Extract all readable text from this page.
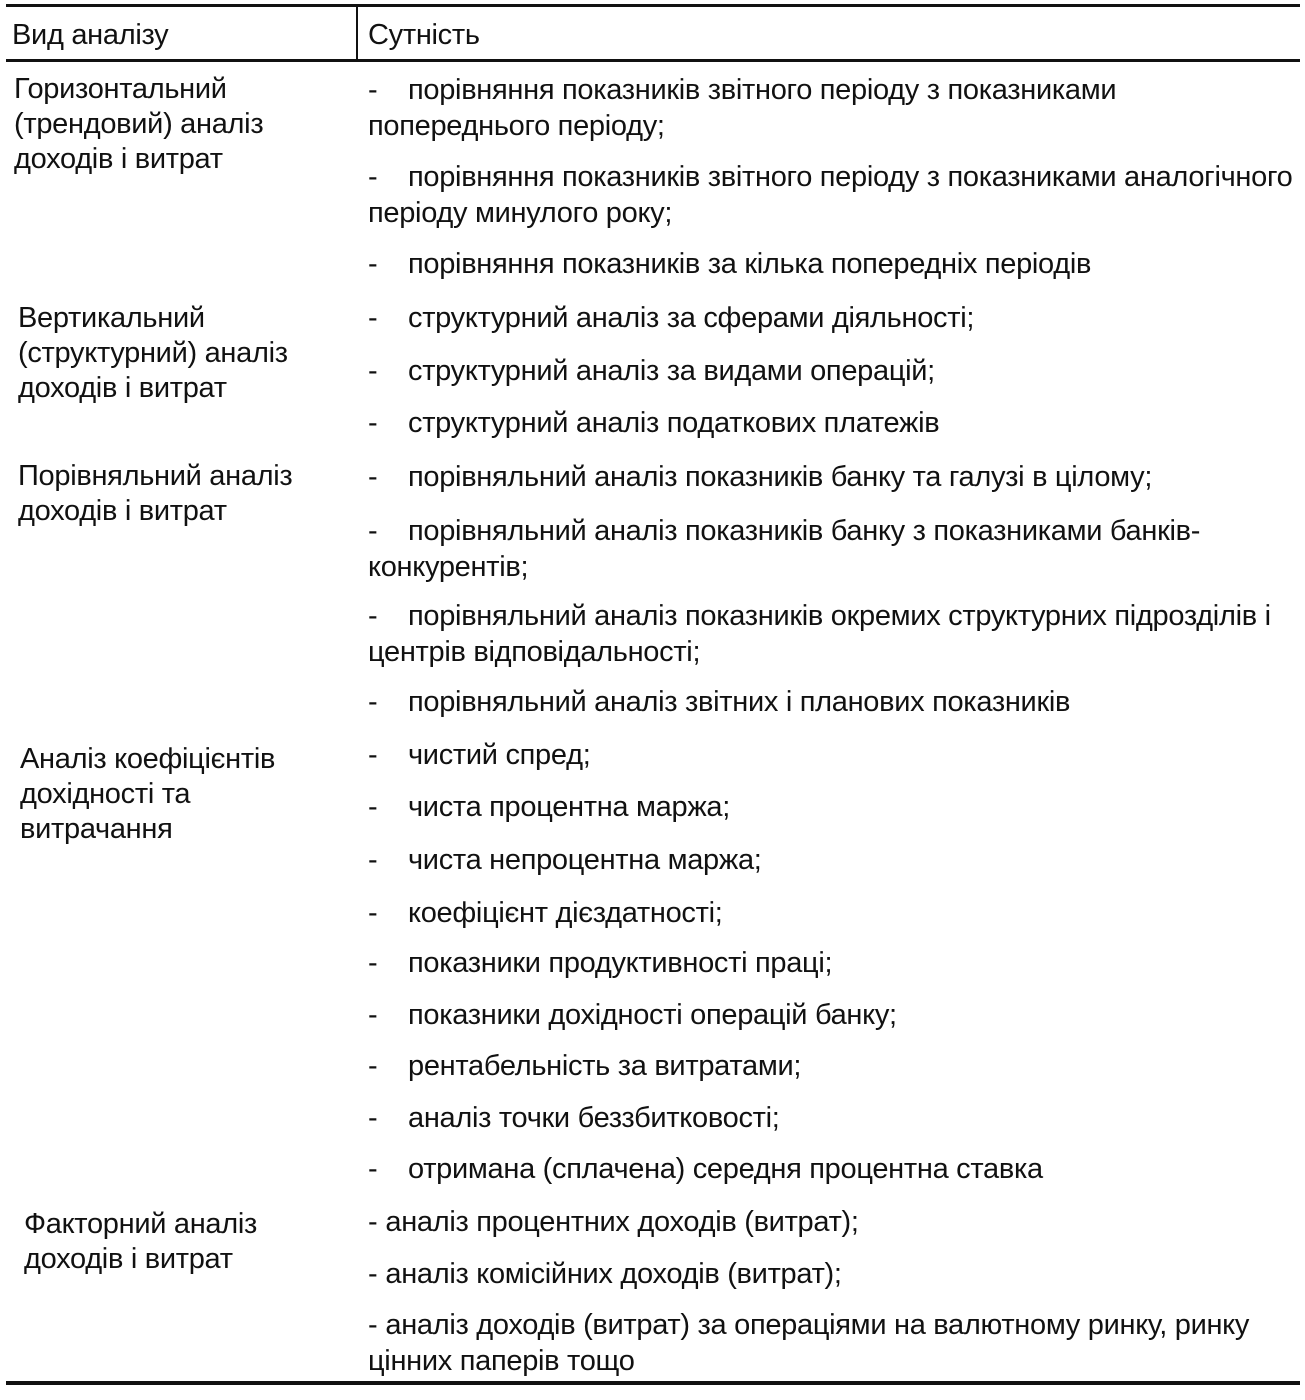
Вид аналізу	Сутність
Горизонтальний
(трендовий) аналіз
доходів і витрат
- порівняння показників звітного періоду з показниками попереднього періоду;
- порівняння показників звітного періоду з показниками аналогічного періоду минулого року;
- порівняння показників за кілька попередніх періодів
Вертикальний
(структурний) аналіз
доходів і витрат
- структурний аналіз за сферами діяльності;
- структурний аналіз за видами операцій;
- структурний аналіз податкових платежів
Порівняльний аналіз
доходів і витрат
- порівняльний аналіз показників банку та галузі в цілому;
- порівняльний аналіз показників банку з показниками банків-конкурентів;
- порівняльний аналіз показників окремих структурних підрозділів і центрів відповідальності;
- порівняльний аналіз звітних і планових показників
Аналіз коефіцієнтів
дохідності та
витрачання
- чистий спред;
- чиста процентна маржа;
- чиста непроцентна маржа;
- коефіцієнт дієздатності;
- показники продуктивності праці;
- показники дохідності операцій банку;
- рентабельність за витратами;
- аналіз точки беззбитковості;
- отримана (сплачена) середня процентна ставка
Факторний аналіз
доходів і витрат
- аналіз процентних доходів (витрат);
- аналіз комісійних доходів (витрат);
- аналіз доходів (витрат) за операціями на валютному ринку, ринку цінних паперів тощо
